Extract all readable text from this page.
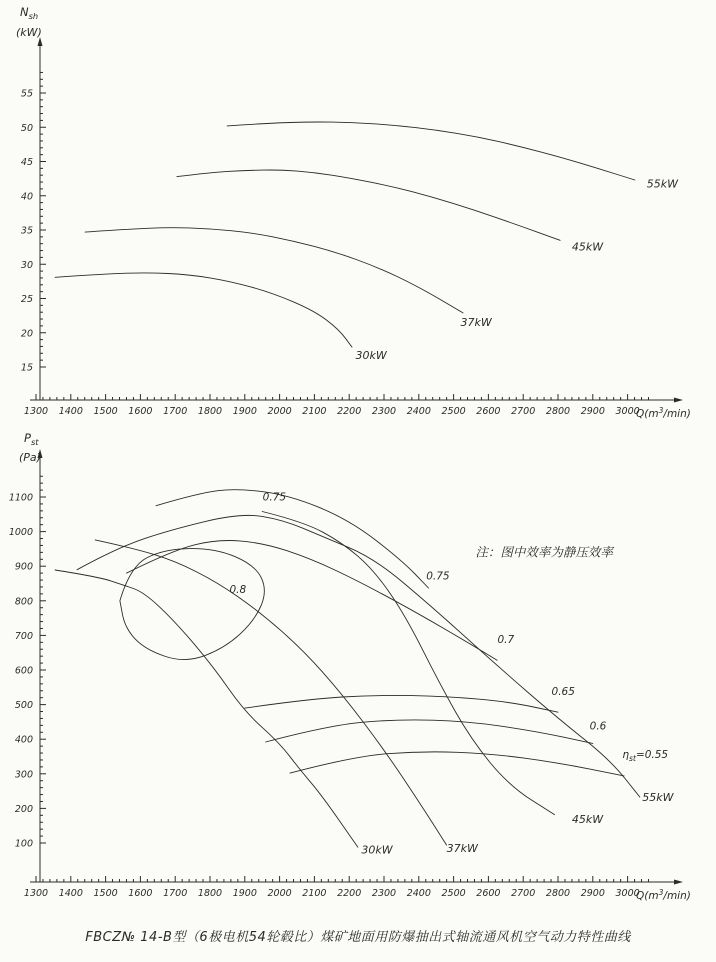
1300 1400 1500 1600 1700 1800 1900 2000 2100 2200 2300 2400 2500 2600 2700 2800 2900 3000
15
20
25
30
35
40
45
50
55
$N_{sh}$
(kW)
$Q(m^3/\min)$
30kW
37kW
45kW
55kW
1300 1400 1500 1600 1700 1800 1900 2000 2100 2200 2300 2400 2500 2600 2700 2800 2900 3000
100
200
300
400
500
600
700
800
900
1000
1100
$P_{st}$
(Pa)
$Q(m^3/\min)$
注：图中效率为静压效率
0.75
0.8
0.75
0.7
0.65
0.6
$\eta_{st}=0.55$
30kW	37kW
45kW
55kW
FBCZ№ 14-B型（6极电机54轮毂比）煤矿地面用防爆抽出式轴流通风机空气动力特性曲线
